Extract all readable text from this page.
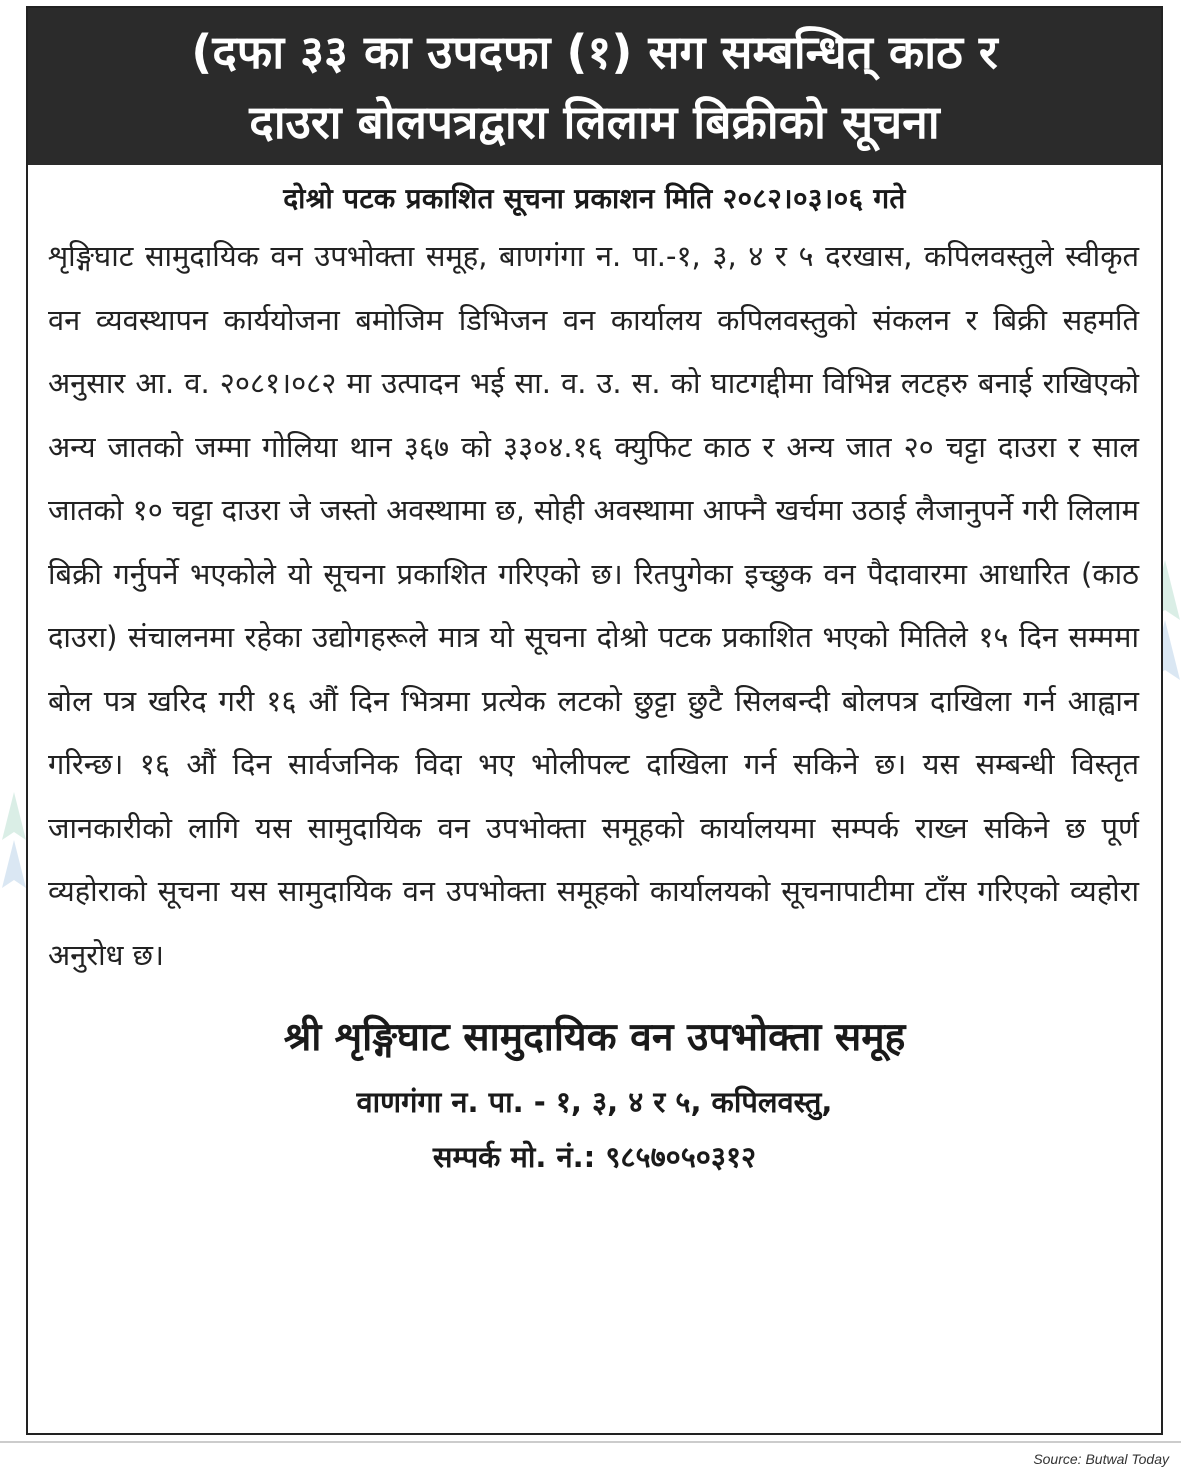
(दफा ३३ का उपदफा (१) सग सम्बन्धित् काठ र
दाउरा बोलपत्रद्वारा लिलाम बिक्रीको सूचना
दोश्रो पटक प्रकाशित सूचना प्रकाशन मिति २०८२।०३।०६ गते
शृङ्गिघाट सामुदायिक वन उपभोक्ता समूह, बाणगंगा न. पा.-१, ३, ४ र ५ दरखास, कपिलवस्तुले स्वीकृत वन व्यवस्थापन कार्ययोजना बमोजिम डिभिजन वन कार्यालय कपिलवस्तुको संकलन र बिक्री सहमति अनुसार आ. व. २०८१।०८२ मा उत्पादन भई सा. व. उ. स. को घाटगद्दीमा विभिन्न लटहरु बनाई राखिएको अन्य जातको जम्मा गोलिया थान ३६७ को ३३०४.१६ क्युफिट काठ र अन्य जात २० चट्टा दाउरा र साल जातको १० चट्टा दाउरा जे जस्तो अवस्थामा छ, सोही अवस्थामा आफ्नै खर्चमा उठाई लैजानुपर्ने गरी लिलाम बिक्री गर्नुपर्ने भएकोले यो सूचना प्रकाशित गरिएको छ। रितपुगेका इच्छुक वन पैदावारमा आधारित (काठ दाउरा) संचालनमा रहेका उद्योगहरूले मात्र यो सूचना दोश्रो पटक प्रकाशित भएको मितिले १५ दिन सम्ममा बोल पत्र खरिद गरी १६ औं दिन भित्रमा प्रत्येक लटको छुट्टा छुटै सिलबन्दी बोलपत्र दाखिला गर्न आह्वान गरिन्छ। १६ औं दिन सार्वजनिक विदा भए भोलीपल्ट दाखिला गर्न सकिने छ। यस सम्बन्धी विस्तृत जानकारीको लागि यस सामुदायिक वन उपभोक्ता समूहको कार्यालयमा सम्पर्क राख्न सकिने छ पूर्ण व्यहोराको सूचना यस सामुदायिक वन उपभोक्ता समूहको कार्यालयको सूचनापाटीमा टाँस गरिएको व्यहोरा अनुरोध छ।
श्री शृङ्गिघाट सामुदायिक वन उपभोक्ता समूह
वाणगंगा न. पा. - १, ३, ४ र ५, कपिलवस्तु,
सम्पर्क मो. नं.: ९८५७०५०३१२
Source: Butwal Today
